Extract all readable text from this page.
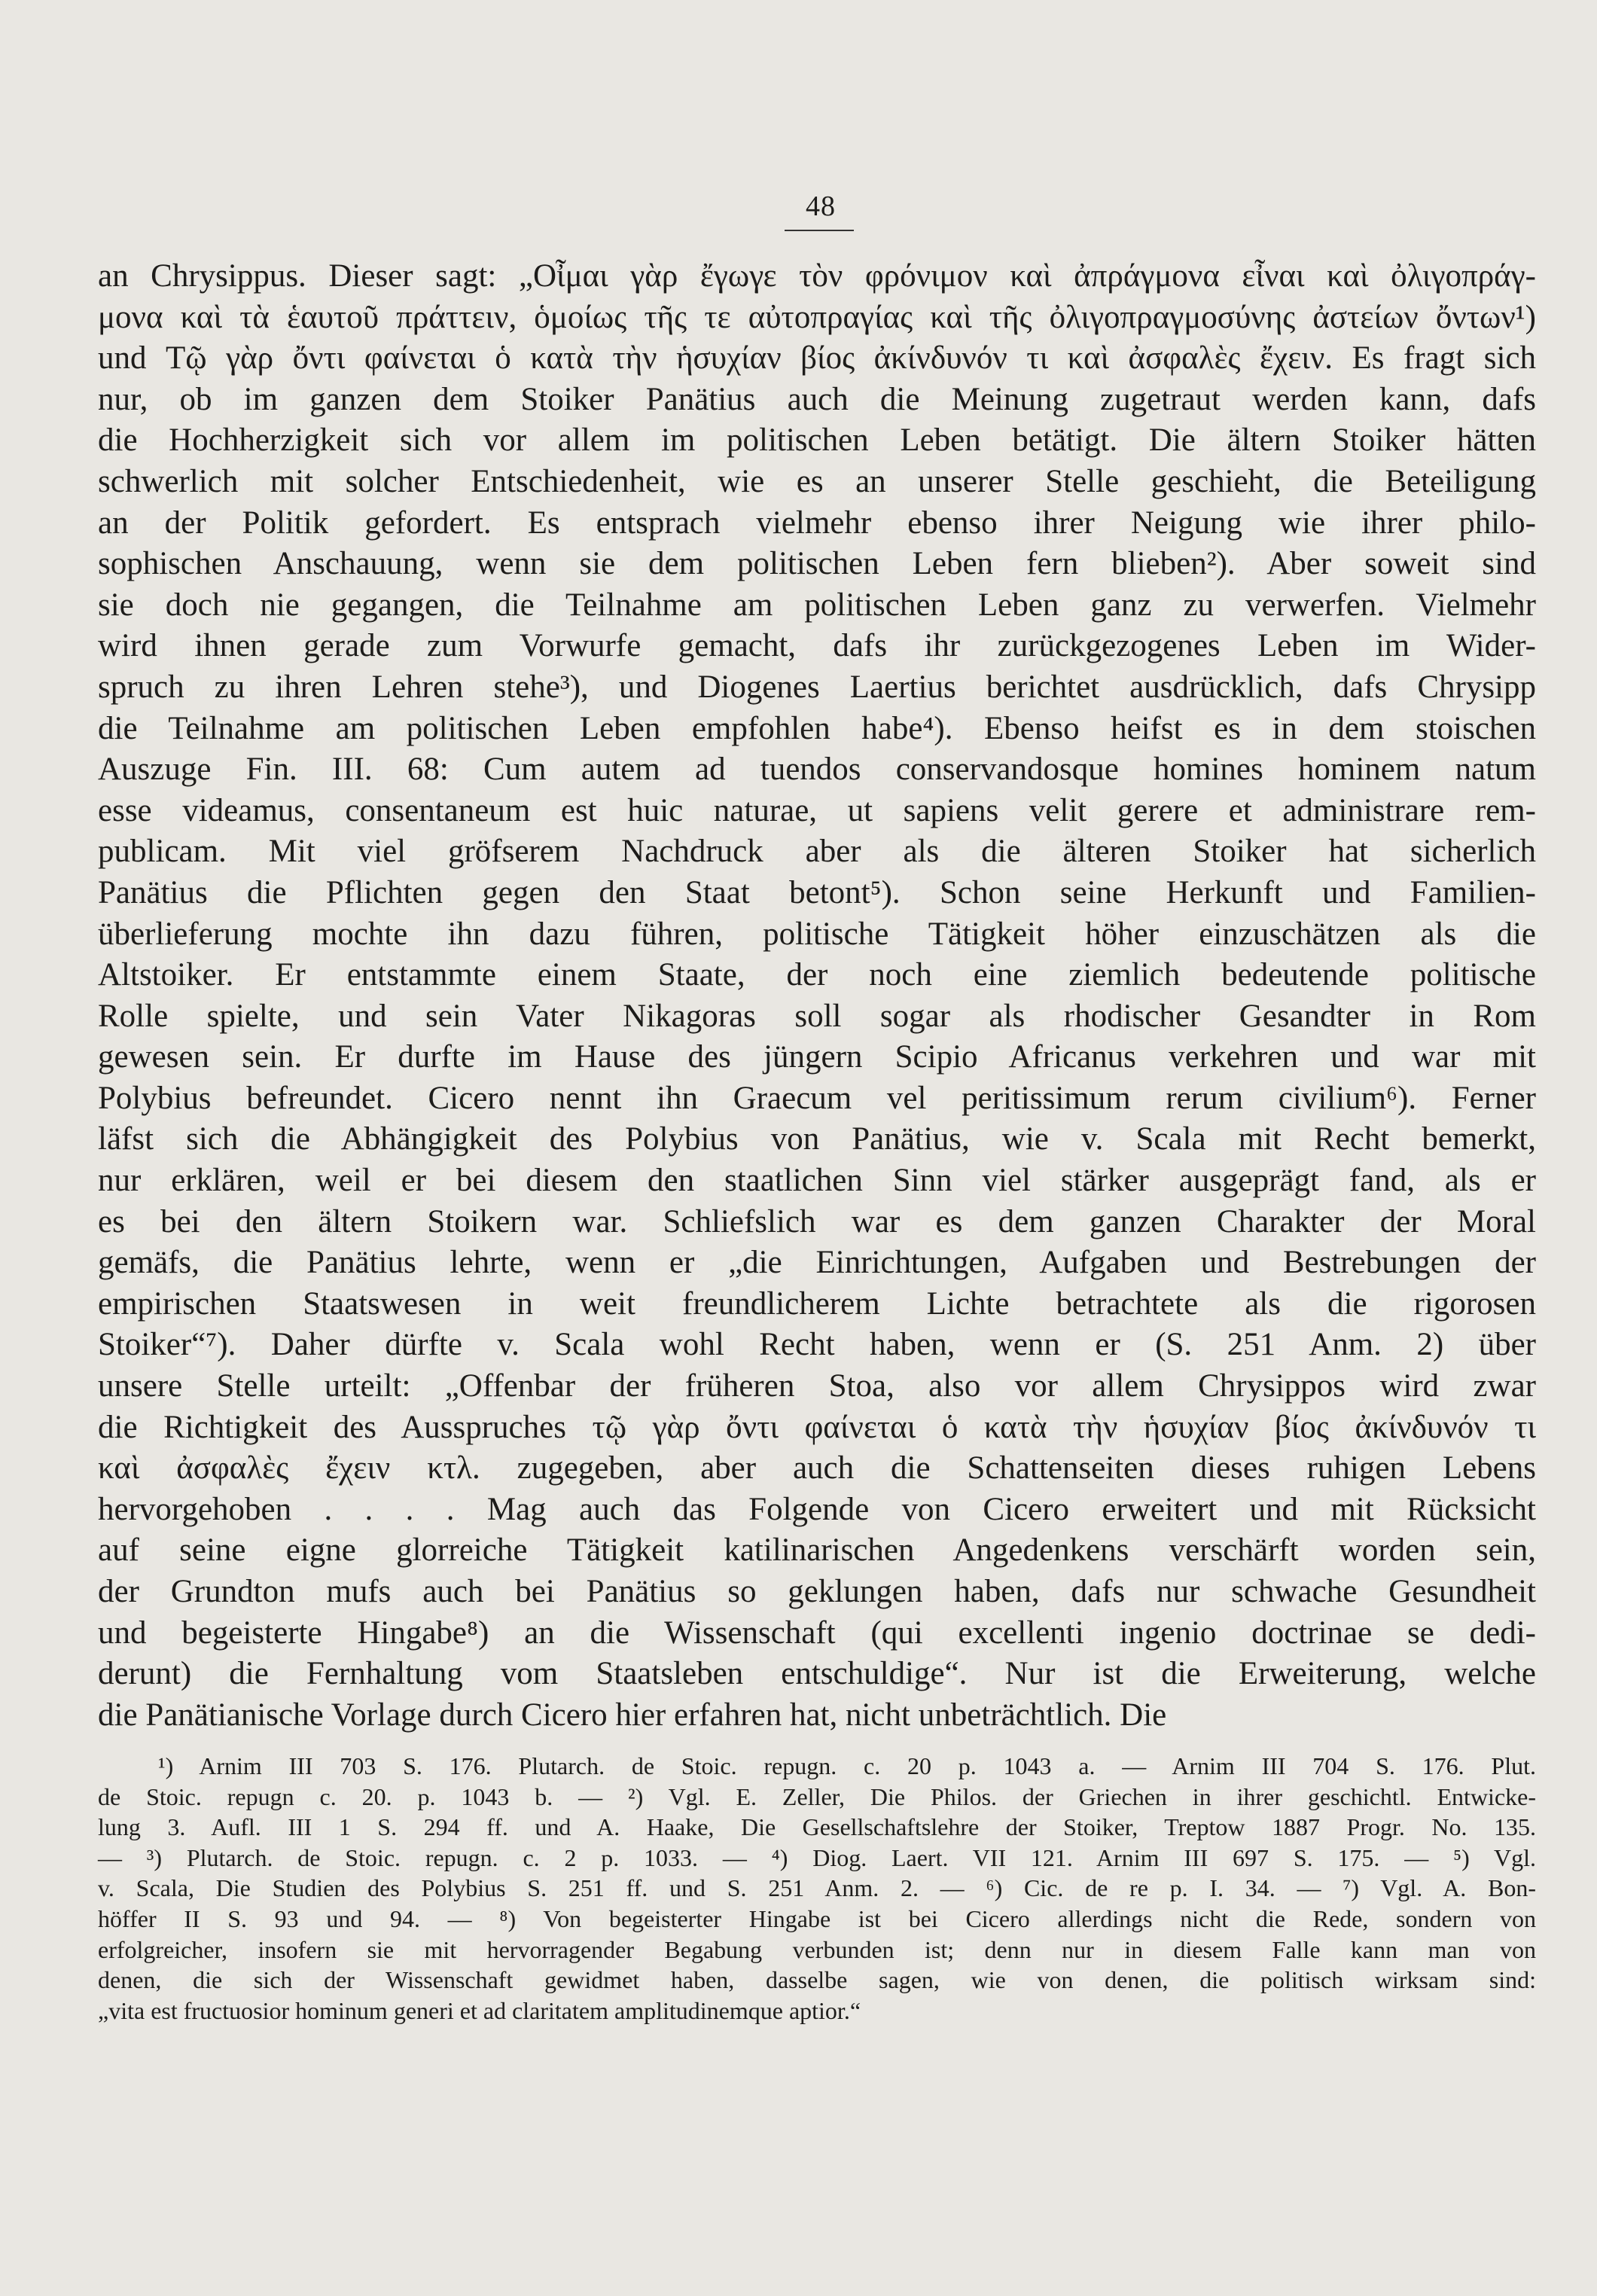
48
an Chrysippus. Dieser sagt: „Οἶμαι γὰρ ἔγωγε τὸν φρόνιμον καὶ ἀπράγμονα εἶναι καὶ ὀλιγοπράγ-
μονα καὶ τὰ ἑαυτοῦ πράττειν, ὁμοίως τῆς τε αὐτοπραγίας καὶ τῆς ὀλιγοπραγμοσύνης ἀστείων ὄντων¹)
und Τῷ γὰρ ὄντι φαίνεται ὁ κατὰ τὴν ἡσυχίαν βίος ἀκίνδυνόν τι καὶ ἀσφαλὲς ἔχειν. Es fragt sich
nur, ob im ganzen dem Stoiker Panätius auch die Meinung zugetraut werden kann, dafs
die Hochherzigkeit sich vor allem im politischen Leben betätigt. Die ältern Stoiker hätten
schwerlich mit solcher Entschiedenheit, wie es an unserer Stelle geschieht, die Beteiligung
an der Politik gefordert. Es entsprach vielmehr ebenso ihrer Neigung wie ihrer philo-
sophischen Anschauung, wenn sie dem politischen Leben fern blieben²). Aber soweit sind
sie doch nie gegangen, die Teilnahme am politischen Leben ganz zu verwerfen. Vielmehr
wird ihnen gerade zum Vorwurfe gemacht, dafs ihr zurückgezogenes Leben im Wider-
spruch zu ihren Lehren stehe³), und Diogenes Laertius berichtet ausdrücklich, dafs Chrysipp
die Teilnahme am politischen Leben empfohlen habe⁴). Ebenso heifst es in dem stoischen
Auszuge Fin. III. 68: Cum autem ad tuendos conservandosque homines hominem natum
esse videamus, consentaneum est huic naturae, ut sapiens velit gerere et administrare rem-
publicam. Mit viel gröfserem Nachdruck aber als die älteren Stoiker hat sicherlich
Panätius die Pflichten gegen den Staat betont⁵). Schon seine Herkunft und Familien-
überlieferung mochte ihn dazu führen, politische Tätigkeit höher einzuschätzen als die
Altstoiker. Er entstammte einem Staate, der noch eine ziemlich bedeutende politische
Rolle spielte, und sein Vater Nikagoras soll sogar als rhodischer Gesandter in Rom
gewesen sein. Er durfte im Hause des jüngern Scipio Africanus verkehren und war mit
Polybius befreundet. Cicero nennt ihn Graecum vel peritissimum rerum civilium⁶). Ferner
läfst sich die Abhängigkeit des Polybius von Panätius, wie v. Scala mit Recht bemerkt,
nur erklären, weil er bei diesem den staatlichen Sinn viel stärker ausgeprägt fand, als er
es bei den ältern Stoikern war. Schliefslich war es dem ganzen Charakter der Moral
gemäfs, die Panätius lehrte, wenn er „die Einrichtungen, Aufgaben und Bestrebungen der
empirischen Staatswesen in weit freundlicherem Lichte betrachtete als die rigorosen
Stoiker“⁷). Daher dürfte v. Scala wohl Recht haben, wenn er (S. 251 Anm. 2) über
unsere Stelle urteilt: „Offenbar der früheren Stoa, also vor allem Chrysippos wird zwar
die Richtigkeit des Ausspruches τῷ γὰρ ὄντι φαίνεται ὁ κατὰ τὴν ἡσυχίαν βίος ἀκίνδυνόν τι
καὶ ἀσφαλὲς ἔχειν κτλ. zugegeben, aber auch die Schattenseiten dieses ruhigen Lebens
hervorgehoben . . . . Mag auch das Folgende von Cicero erweitert und mit Rücksicht
auf seine eigne glorreiche Tätigkeit katilinarischen Angedenkens verschärft worden sein,
der Grundton mufs auch bei Panätius so geklungen haben, dafs nur schwache Gesundheit
und begeisterte Hingabe⁸) an die Wissenschaft (qui excellenti ingenio doctrinae se dedi-
derunt) die Fernhaltung vom Staatsleben entschuldige“. Nur ist die Erweiterung, welche
die Panätianische Vorlage durch Cicero hier erfahren hat, nicht unbeträchtlich. Die
¹) Arnim III 703 S. 176. Plutarch. de Stoic. repugn. c. 20 p. 1043 a. — Arnim III 704 S. 176. Plut.
de Stoic. repugn c. 20. p. 1043 b. — ²) Vgl. E. Zeller, Die Philos. der Griechen in ihrer geschichtl. Entwicke-
lung 3. Aufl. III 1 S. 294 ff. und A. Haake, Die Gesellschaftslehre der Stoiker, Treptow 1887 Progr. No. 135.
— ³) Plutarch. de Stoic. repugn. c. 2 p. 1033. — ⁴) Diog. Laert. VII 121. Arnim III 697 S. 175. — ⁵) Vgl.
v. Scala, Die Studien des Polybius S. 251 ff. und S. 251 Anm. 2. — ⁶) Cic. de re p. I. 34. — ⁷) Vgl. A. Bon-
höffer II S. 93 und 94. — ⁸) Von begeisterter Hingabe ist bei Cicero allerdings nicht die Rede, sondern von
erfolgreicher, insofern sie mit hervorragender Begabung verbunden ist; denn nur in diesem Falle kann man von
denen, die sich der Wissenschaft gewidmet haben, dasselbe sagen, wie von denen, die politisch wirksam sind:
„vita est fructuosior hominum generi et ad claritatem amplitudinemque aptior.“
